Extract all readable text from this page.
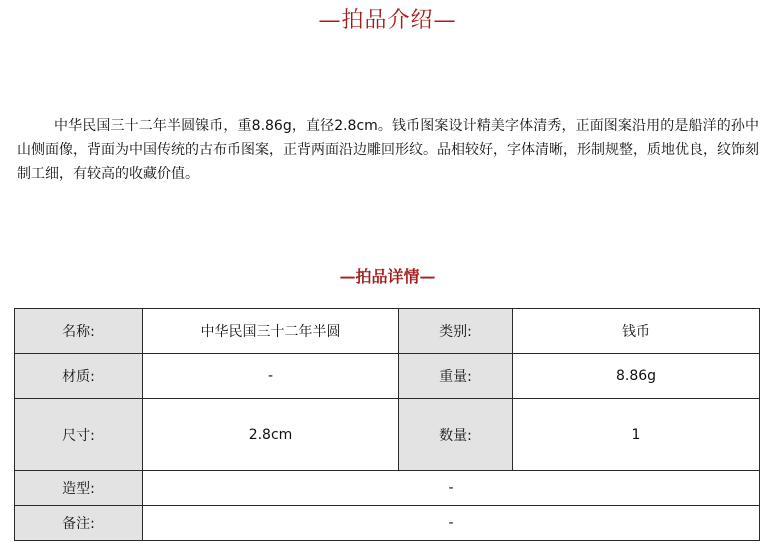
—拍品介绍—

中华民国三十二年半圆镍币，重8.86g，直径2.8cm。钱币图案设计精美字体清秀，正面图案沿用的是船洋的孙中山侧面像，背面为中国传统的古布币图案，正背两面沿边雕回形纹。品相较好，字体清晰，形制规整，质地优良，纹饰刻制工细，有较高的收藏价值。

—拍品详情—
名称:	中华民国三十二年半圆	类别:	钱币
材质:	-	重量:	8.86g
尺寸:	2.8cm	数量:	1
造型:	-		
备注:	-		
